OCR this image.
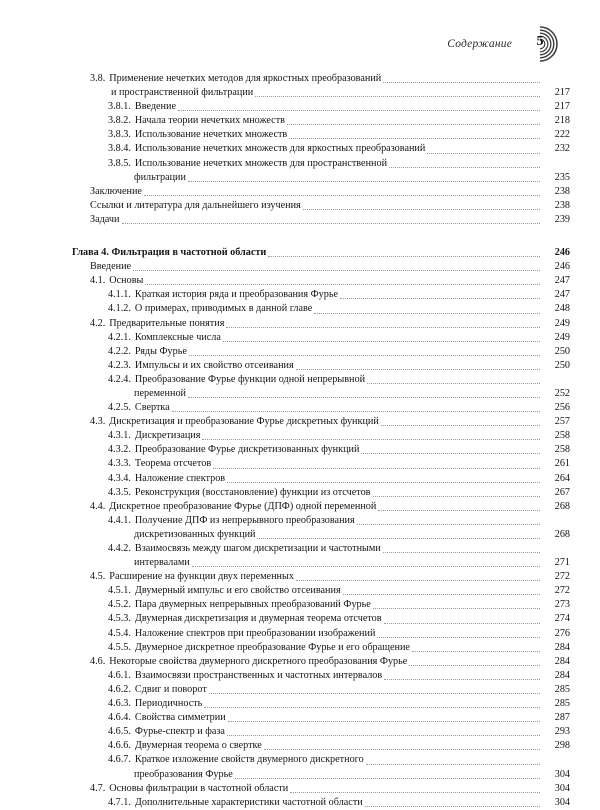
Содержание	5
3.8. Применение нечетких методов для яркостных преобразований
и пространственной фильтрации	217
3.8.1. Введение	217
3.8.2. Начала теории нечетких множеств	218
3.8.3. Использование нечетких множеств	222
3.8.4. Использование нечетких множеств для яркостных преобразований	232
3.8.5. Использование нечетких множеств для пространственной
фильтрации	235
Заключение	238
Ссылки и литература для дальнейшего изучения	238
Задачи	239
Глава 4. Фильтрация в частотной области	246
Введение	246
4.1. Основы	247
4.1.1. Краткая история ряда и преобразования Фурье	247
4.1.2. О примерах, приводимых в данной главе	248
4.2. Предварительные понятия	249
4.2.1. Комплексные числа	249
4.2.2. Ряды Фурье	250
4.2.3. Импульсы и их свойство отсеивания	250
4.2.4. Преобразование Фурье функции одной непрерывной
переменной	252
4.2.5. Свертка	256
4.3. Дискретизация и преобразование Фурье дискретных функций	257
4.3.1. Дискретизация	258
4.3.2. Преобразование Фурье дискретизованных функций	258
4.3.3. Теорема отсчетов	261
4.3.4. Наложение спектров	264
4.3.5. Реконструкция (восстановление) функции из отсчетов	267
4.4. Дискретное преобразование Фурье (ДПФ) одной переменной	268
4.4.1. Получение ДПФ из непрерывного преобразования
дискретизованных функций	268
4.4.2. Взаимосвязь между шагом дискретизации и частотными
интервалами	271
4.5. Расширение на функции двух переменных	272
4.5.1. Двумерный импульс и его свойство отсеивания	272
4.5.2. Пара двумерных непрерывных преобразований Фурье	273
4.5.3. Двумерная дискретизация и двумерная теорема отсчетов	274
4.5.4. Наложение спектров при преобразовании изображений	276
4.5.5. Двумерное дискретное преобразование Фурье и его обращение	284
4.6. Некоторые свойства двумерного дискретного преобразования Фурье	284
4.6.1. Взаимосвязи пространственных и частотных интервалов	284
4.6.2. Сдвиг и поворот	285
4.6.3. Периодичность	285
4.6.4. Свойства симметрии	287
4.6.5. Фурье-спектр и фаза	293
4.6.6. Двумерная теорема о свертке	298
4.6.7. Краткое изложение свойств двумерного дискретного
преобразования Фурье	304
4.7. Основы фильтрации в частотной области	304
4.7.1. Дополнительные характеристики частотной области	304
